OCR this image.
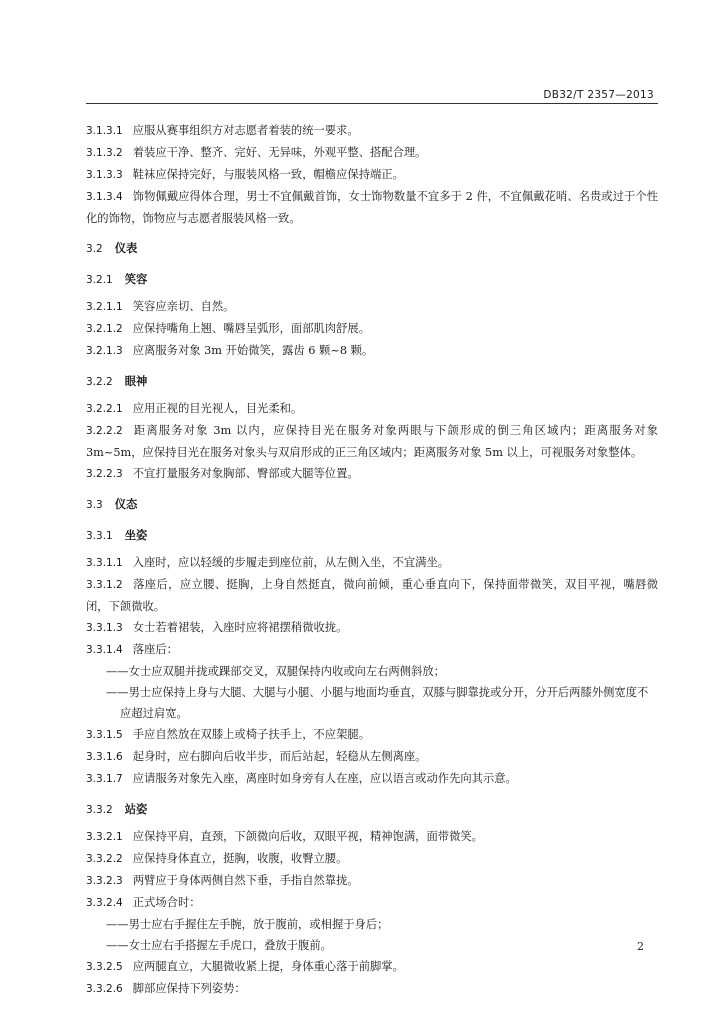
DB32/T 2357—2013
3.1.3.1 应服从赛事组织方对志愿者着装的统一要求。
3.1.3.2 着装应干净、整齐、完好、无异味，外观平整、搭配合理。
3.1.3.3 鞋袜应保持完好，与服装风格一致，帽檐应保持端正。
3.1.3.4 饰物佩戴应得体合理，男士不宜佩戴首饰，女士饰物数量不宜多于 2 件，不宜佩戴花哨、名贵或过于个性化的饰物，饰物应与志愿者服装风格一致。
3.2 仪表
3.2.1 笑容
3.2.1.1 笑容应亲切、自然。
3.2.1.2 应保持嘴角上翘、嘴唇呈弧形，面部肌肉舒展。
3.2.1.3 应离服务对象 3m 开始微笑，露齿 6 颗~8 颗。
3.2.2 眼神
3.2.2.1 应用正视的目光视人，目光柔和。
3.2.2.2 距离服务对象 3m 以内，应保持目光在服务对象两眼与下颌形成的倒三角区域内；距离服务对象 3m~5m，应保持目光在服务对象头与双肩形成的正三角区域内；距离服务对象 5m 以上，可视服务对象整体。
3.2.2.3 不宜打量服务对象胸部、臀部或大腿等位置。
3.3 仪态
3.3.1 坐姿
3.3.1.1 入座时，应以轻缓的步履走到座位前，从左侧入坐，不宜满坐。
3.3.1.2 落座后，应立腰、挺胸，上身自然挺直，微向前倾，重心垂直向下，保持面带微笑，双目平视，嘴唇微闭，下颌微收。
3.3.1.3 女士若着裙装，入座时应将裙摆稍微收拢。
3.3.1.4 落座后：
——女士应双腿并拢或踝部交叉，双腿保持内收或向左右两侧斜放；
——男士应保持上身与大腿、大腿与小腿、小腿与地面均垂直，双膝与脚靠拢或分开，分开后两膝外侧宽度不应超过肩宽。
3.3.1.5 手应自然放在双膝上或椅子扶手上，不应架腿。
3.3.1.6 起身时，应右脚向后收半步，而后站起，轻稳从左侧离座。
3.3.1.7 应请服务对象先入座，离座时如身旁有人在座，应以语言或动作先向其示意。
3.3.2 站姿
3.3.2.1 应保持平肩，直颈，下颌微向后收，双眼平视，精神饱满，面带微笑。
3.3.2.2 应保持身体直立，挺胸，收腹，收臀立腰。
3.3.2.3 两臂应于身体两侧自然下垂，手指自然靠拢。
3.3.2.4 正式场合时：
——男士应右手握住左手腕，放于腹前，或相握于身后；
——女士应右手搭握左手虎口，叠放于腹前。
3.3.2.5 应两腿直立，大腿微收紧上提，身体重心落于前脚掌。
3.3.2.6 脚部应保持下列姿势：
2
